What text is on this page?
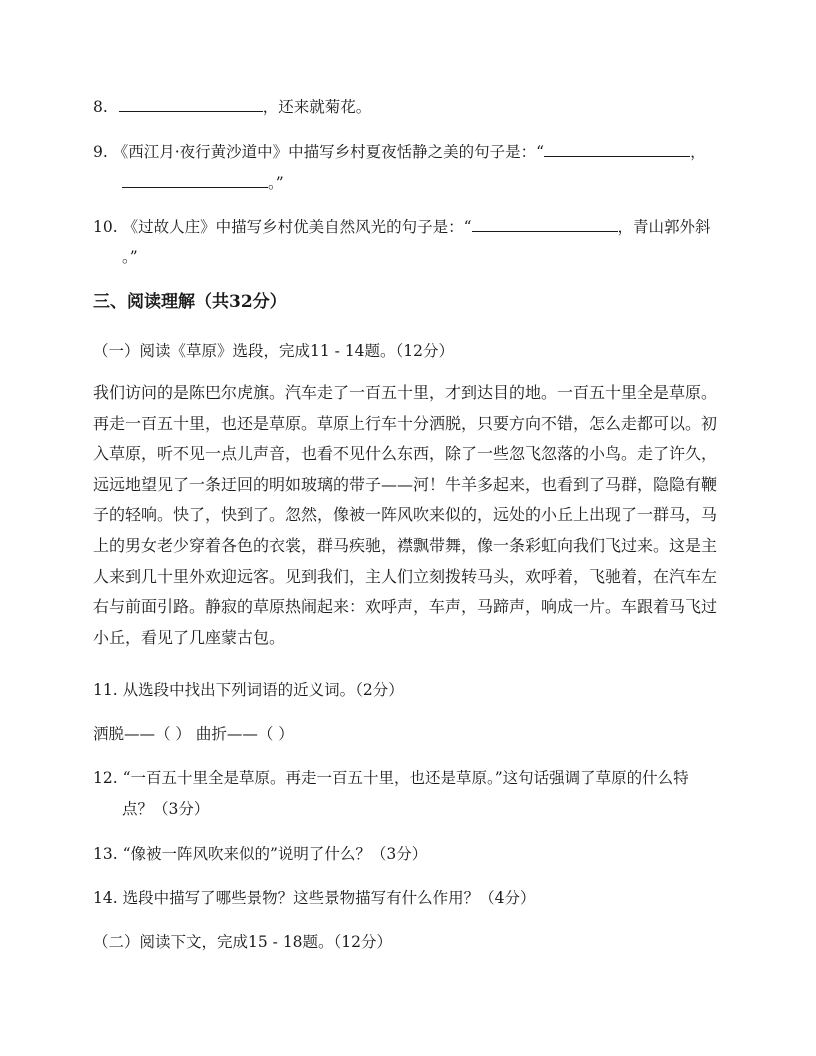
8.	，还来就菊花。
9. 《西江月·夜行黄沙道中》中描写乡村夏夜恬静之美的句子是：“	，
。”
10. 《过故人庄》中描写乡村优美自然风光的句子是：“	，青山郭外斜
。”
三、阅读理解（共32分）
（一）阅读《草原》选段，完成11 - 14题。（12分）
我们访问的是陈巴尔虎旗。汽车走了一百五十里，才到达目的地。一百五十里全是草原。
再走一百五十里，也还是草原。草原上行车十分洒脱，只要方向不错，怎么走都可以。初
入草原，听不见一点儿声音，也看不见什么东西，除了一些忽飞忽落的小鸟。走了许久，
远远地望见了一条迂回的明如玻璃的带子——河！牛羊多起来，也看到了马群，隐隐有鞭
子的轻响。快了，快到了。忽然，像被一阵风吹来似的，远处的小丘上出现了一群马，马
上的男女老少穿着各色的衣裳，群马疾驰，襟飘带舞，像一条彩虹向我们飞过来。这是主
人来到几十里外欢迎远客。见到我们，主人们立刻拨转马头，欢呼着，飞驰着，在汽车左
右与前面引路。静寂的草原热闹起来：欢呼声，车声，马蹄声，响成一片。车跟着马飞过
小丘，看见了几座蒙古包。
11. 从选段中找出下列词语的近义词。（2分）
洒脱——（ ） 曲折——（ ）
12. “一百五十里全是草原。再走一百五十里，也还是草原。”这句话强调了草原的什么特
点？（3分）
13. “像被一阵风吹来似的”说明了什么？（3分）
14. 选段中描写了哪些景物？这些景物描写有什么作用？（4分）
（二）阅读下文，完成15 - 18题。（12分）
